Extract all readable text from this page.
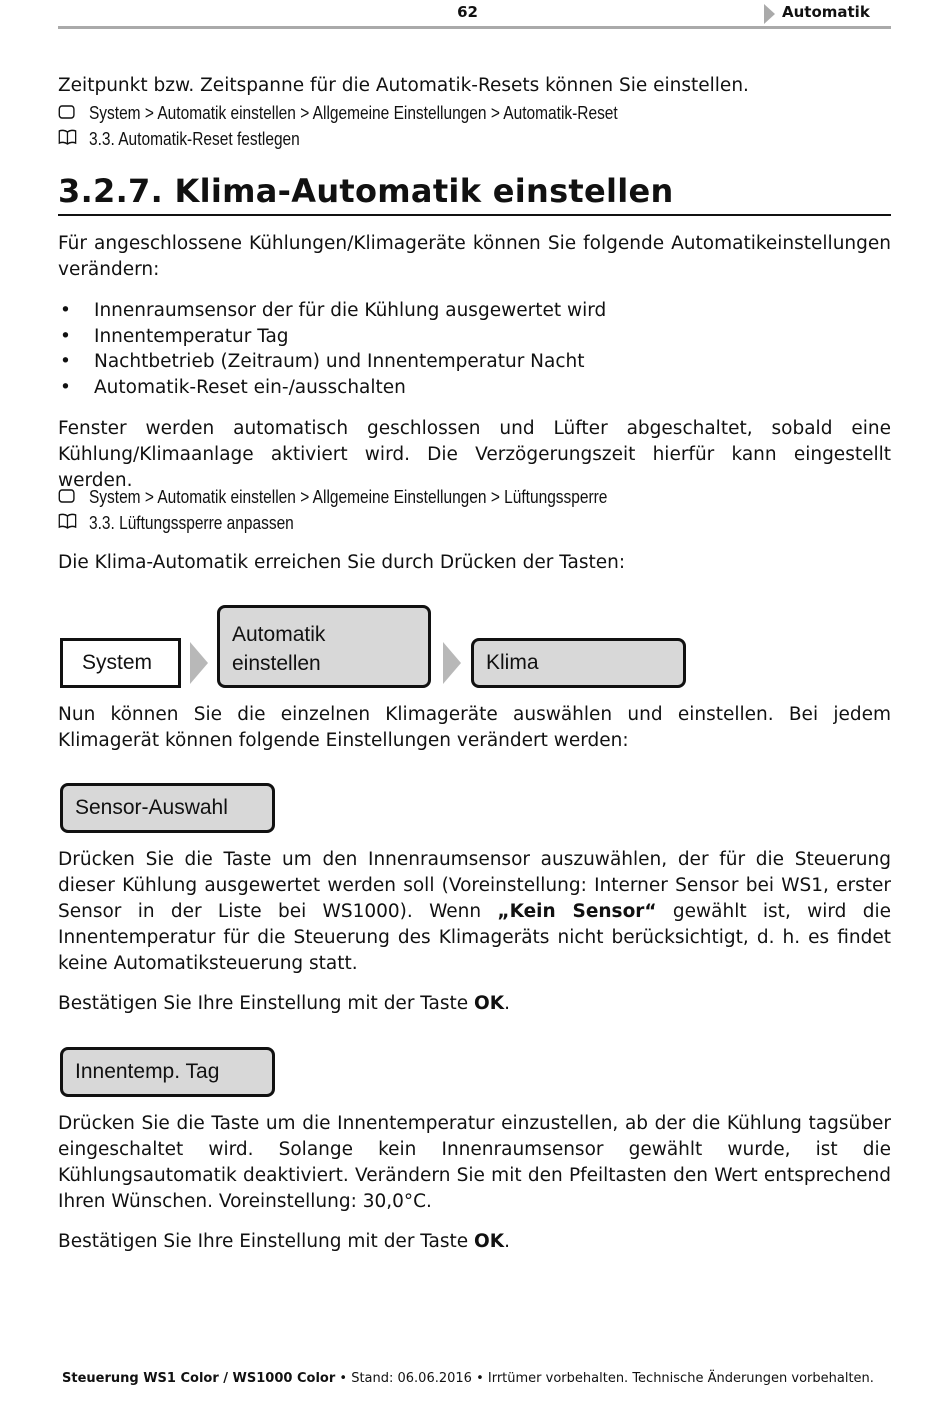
62	Automatik
Zeitpunkt bzw. Zeitspanne für die Automatik-Resets können Sie einstellen.
System > Automatik einstellen > Allgemeine Einstellungen > Automatik-Reset
3.3. Automatik-Reset festlegen
3.2.7. Klima-Automatik einstellen
Für angeschlossene Kühlungen/Klimageräte können Sie folgende Automatikeinstellungen verändern:
• Innenraumsensor der für die Kühlung ausgewertet wird
• Innentemperatur Tag
• Nachtbetrieb (Zeitraum) und Innentemperatur Nacht
• Automatik-Reset ein-/ausschalten
Fenster werden automatisch geschlossen und Lüfter abgeschaltet, sobald eine Kühlung/Klimaanlage aktiviert wird. Die Verzögerungszeit hierfür kann eingestellt werden.
System > Automatik einstellen > Allgemeine Einstellungen > Lüftungssperre
3.3. Lüftungssperre anpassen
Die Klima-Automatik erreichen Sie durch Drücken der Tasten:
System
Automatik
einstellen	Klima
Nun können Sie die einzelnen Klimageräte auswählen und einstellen. Bei jedem Klimagerät können folgende Einstellungen verändert werden:
Sensor-Auswahl
Drücken Sie die Taste um den Innenraumsensor auszuwählen, der für die Steuerung dieser Kühlung ausgewertet werden soll (Voreinstellung: Interner Sensor bei WS1, erster Sensor in der Liste bei WS1000). Wenn „Kein Sensor“ gewählt ist, wird die Innentemperatur für die Steuerung des Klimageräts nicht berücksichtigt, d. h. es findet keine Automatiksteuerung statt.
Bestätigen Sie Ihre Einstellung mit der Taste OK.
Innentemp. Tag
Drücken Sie die Taste um die Innentemperatur einzustellen, ab der die Kühlung tagsüber eingeschaltet wird. Solange kein Innenraumsensor gewählt wurde, ist die Kühlungsautomatik deaktiviert. Verändern Sie mit den Pfeiltasten den Wert entsprechend Ihren Wünschen. Voreinstellung: 30,0°C.
Bestätigen Sie Ihre Einstellung mit der Taste OK.
Steuerung WS1 Color / WS1000 Color • Stand: 06.06.2016 • Irrtümer vorbehalten. Technische Änderungen vorbehalten.
